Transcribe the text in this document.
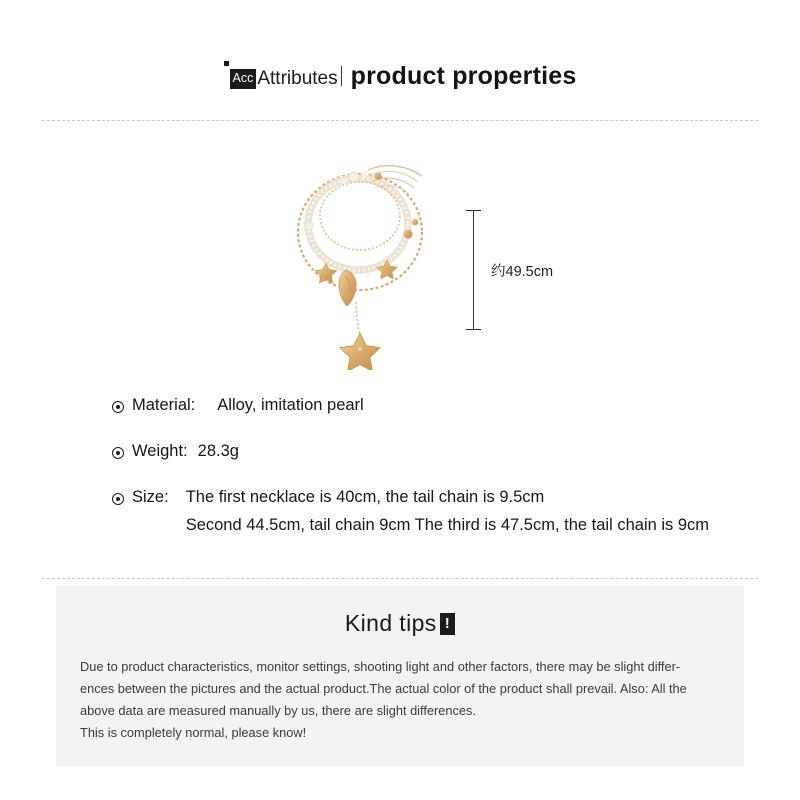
Acc Attributes product properties
约49.5cm
Material: Alloy, imitation pearl
Weight: 28.3g
Size: The first necklace is 40cm, the tail chain is 9.5cm
Second 44.5cm, tail chain 9cm The third is 47.5cm, the tail chain is 9cm
Kind tips !

Due to product characteristics, monitor settings, shooting light and other factors, there may be slight differ-

ences between the pictures and the actual product.The actual color of the product shall prevail. Also: All the

above data are measured manually by us, there are slight differences.

This is completely normal, please know!
